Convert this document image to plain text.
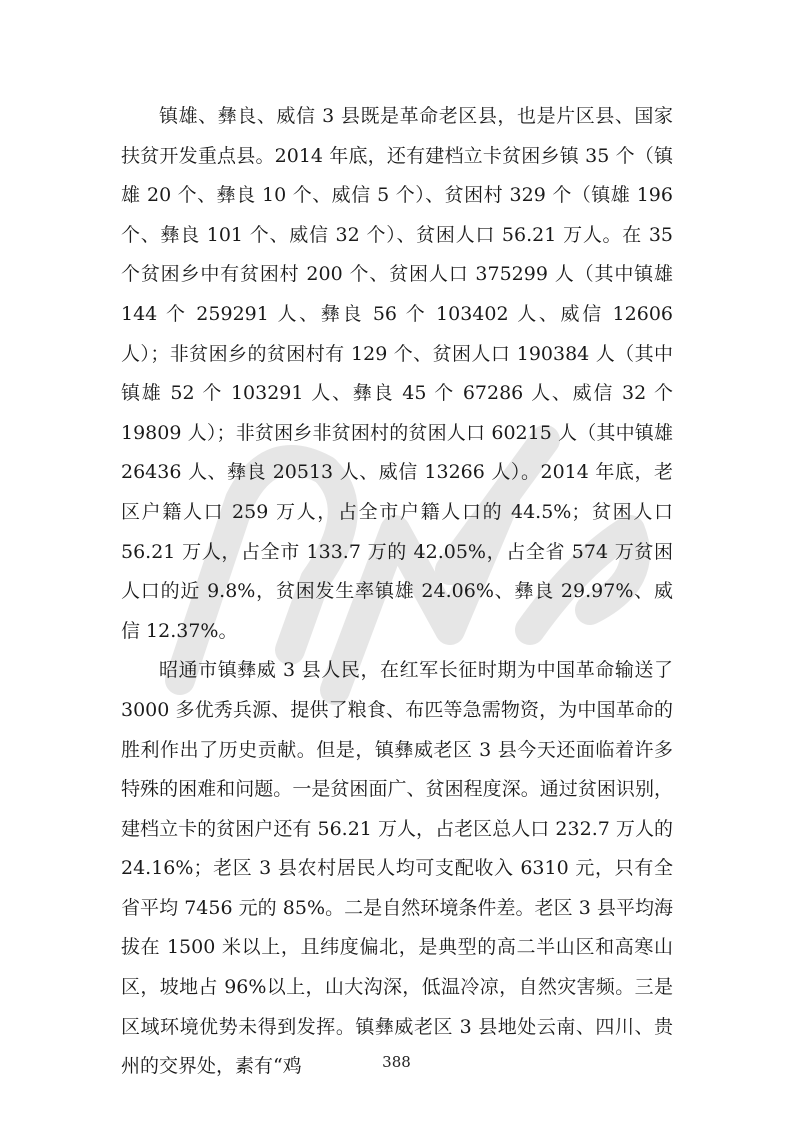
镇雄、彝良、威信 3 县既是革命老区县，也是片区县、国家扶贫开发重点县。2014 年底，还有建档立卡贫困乡镇 35 个（镇雄 20 个、彝良 10 个、威信 5 个）、贫困村 329 个（镇雄 196 个、彝良 101 个、威信 32 个）、贫困人口 56.21 万人。在 35 个贫困乡中有贫困村 200 个、贫困人口 375299 人（其中镇雄 144 个 259291 人、彝良 56 个 103402 人、威信 12606 人）；非贫困乡的贫困村有 129 个、贫困人口 190384 人（其中镇雄 52 个 103291 人、彝良 45 个 67286 人、威信 32 个 19809 人）；非贫困乡非贫困村的贫困人口 60215 人（其中镇雄 26436 人、彝良 20513 人、威信 13266 人）。2014 年底，老区户籍人口 259 万人，占全市户籍人口的 44.5%；贫困人口 56.21 万人，占全市 133.7 万的 42.05%，占全省 574 万贫困人口的近 9.8%，贫困发生率镇雄 24.06%、彝良 29.97%、威信 12.37%。

昭通市镇彝威 3 县人民，在红军长征时期为中国革命输送了 3000 多优秀兵源、提供了粮食、布匹等急需物资，为中国革命的胜利作出了历史贡献。但是，镇彝威老区 3 县今天还面临着许多特殊的困难和问题。一是贫困面广、贫困程度深。通过贫困识别，建档立卡的贫困户还有 56.21 万人，占老区总人口 232.7 万人的 24.16%；老区 3 县农村居民人均可支配收入 6310 元，只有全省平均 7456 元的 85%。二是自然环境条件差。老区 3 县平均海拔在 1500 米以上，且纬度偏北，是典型的高二半山区和高寒山区，坡地占 96%以上，山大沟深，低温冷凉，自然灾害频。三是区域环境优势未得到发挥。镇彝威老区 3 县地处云南、四川、贵州的交界处，素有“鸡	388
